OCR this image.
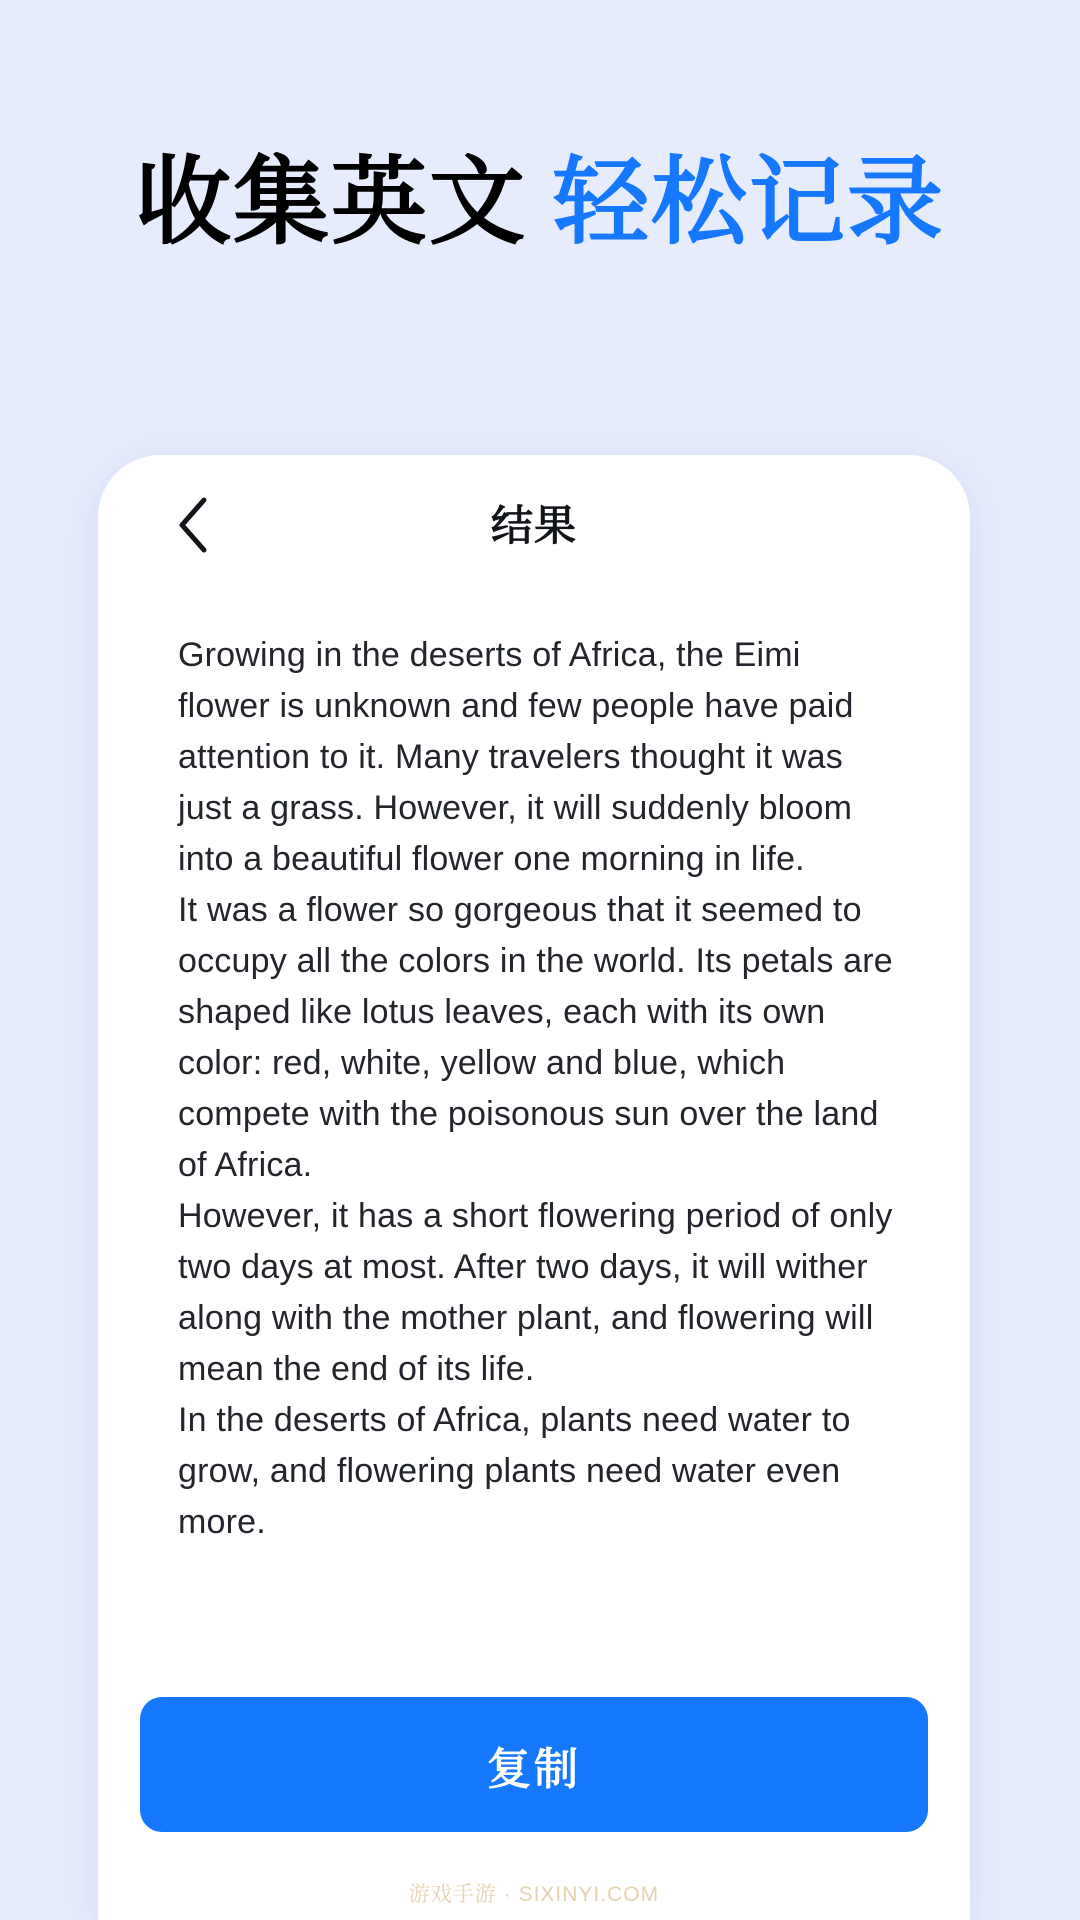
收集英文 轻松记录
结果

Growing in the deserts of Africa, the Eimi flower is unknown and few people have paid attention to it. Many travelers thought it was just a grass. However, it will suddenly bloom into a beautiful flower one morning in life.

It was a flower so gorgeous that it seemed to occupy all the colors in the world. Its petals are shaped like lotus leaves, each with its own color: red, white, yellow and blue, which compete with the poisonous sun over the land of Africa.

However, it has a short flowering period of only two days at most. After two days, it will wither along with the mother plant, and flowering will mean the end of its life.

In the deserts of Africa, plants need water to grow, and flowering plants need water even more.

复制
游戏手游 · SIXINYI.COM
